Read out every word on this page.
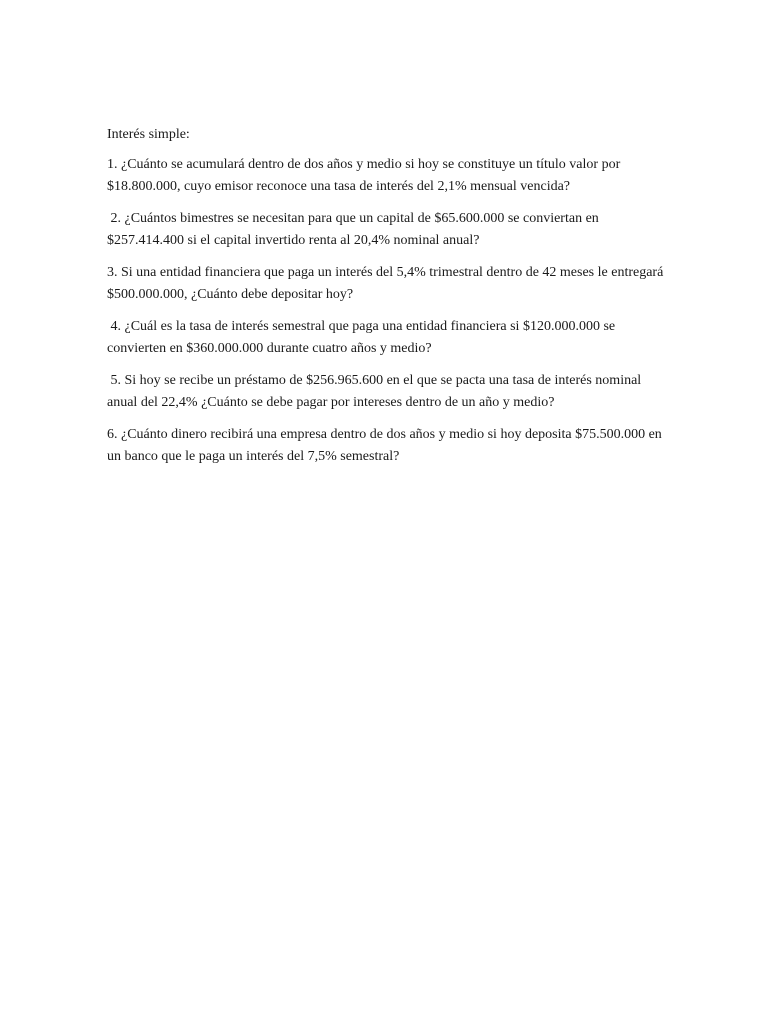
Interés simple:

1. ¿Cuánto se acumulará dentro de dos años y medio si hoy se constituye un título valor por $18.800.000, cuyo emisor reconoce una tasa de interés del 2,1% mensual vencida?

2. ¿Cuántos bimestres se necesitan para que un capital de $65.600.000 se conviertan en $257.414.400 si el capital invertido renta al 20,4% nominal anual?

3. Si una entidad financiera que paga un interés del 5,4% trimestral dentro de 42 meses le entregará $500.000.000, ¿Cuánto debe depositar hoy?

4. ¿Cuál es la tasa de interés semestral que paga una entidad financiera si $120.000.000 se convierten en $360.000.000 durante cuatro años y medio?

5. Si hoy se recibe un préstamo de $256.965.600 en el que se pacta una tasa de interés nominal anual del 22,4% ¿Cuánto se debe pagar por intereses dentro de un año y medio?

6. ¿Cuánto dinero recibirá una empresa dentro de dos años y medio si hoy deposita $75.500.000 en un banco que le paga un interés del 7,5% semestral?
